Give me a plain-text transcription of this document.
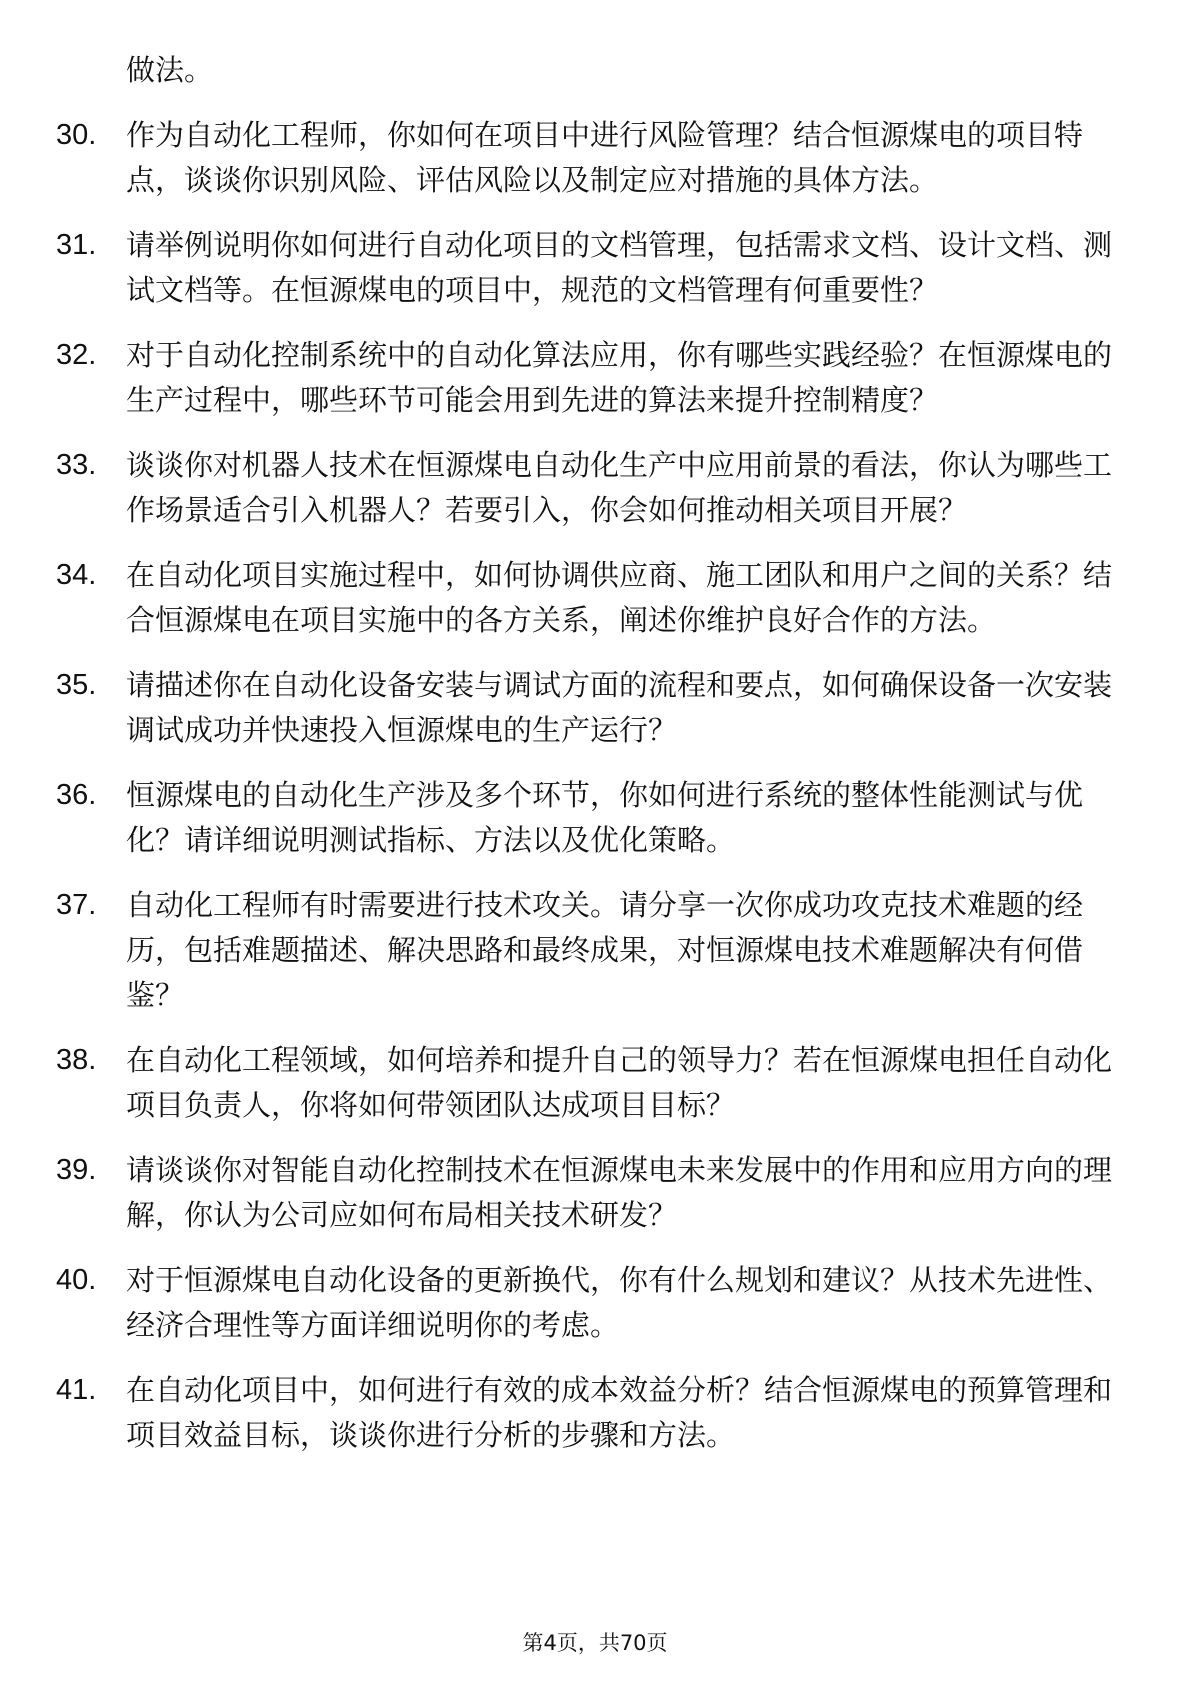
做法。

30.	作为自动化工程师，你如何在项目中进行风险管理？结合恒源煤电的项目特点，谈谈你识别风险、评估风险以及制定应对措施的具体方法。

31.	请举例说明你如何进行自动化项目的文档管理，包括需求文档、设计文档、测试文档等。在恒源煤电的项目中，规范的文档管理有何重要性？

32.	对于自动化控制系统中的自动化算法应用，你有哪些实践经验？在恒源煤电的生产过程中，哪些环节可能会用到先进的算法来提升控制精度？

33.	谈谈你对机器人技术在恒源煤电自动化生产中应用前景的看法，你认为哪些工作场景适合引入机器人？若要引入，你会如何推动相关项目开展？

34.	在自动化项目实施过程中，如何协调供应商、施工团队和用户之间的关系？结合恒源煤电在项目实施中的各方关系，阐述你维护良好合作的方法。

35.	请描述你在自动化设备安装与调试方面的流程和要点，如何确保设备一次安装调试成功并快速投入恒源煤电的生产运行？

36.	恒源煤电的自动化生产涉及多个环节，你如何进行系统的整体性能测试与优化？请详细说明测试指标、方法以及优化策略。

37.	自动化工程师有时需要进行技术攻关。请分享一次你成功攻克技术难题的经历，包括难题描述、解决思路和最终成果，对恒源煤电技术难题解决有何借鉴？

38.	在自动化工程领域，如何培养和提升自己的领导力？若在恒源煤电担任自动化项目负责人，你将如何带领团队达成项目目标？

39.	请谈谈你对智能自动化控制技术在恒源煤电未来发展中的作用和应用方向的理解，你认为公司应如何布局相关技术研发？

40.	对于恒源煤电自动化设备的更新换代，你有什么规划和建议？从技术先进性、经济合理性等方面详细说明你的考虑。

41.	在自动化项目中，如何进行有效的成本效益分析？结合恒源煤电的预算管理和项目效益目标，谈谈你进行分析的步骤和方法。

第4页，共70页
